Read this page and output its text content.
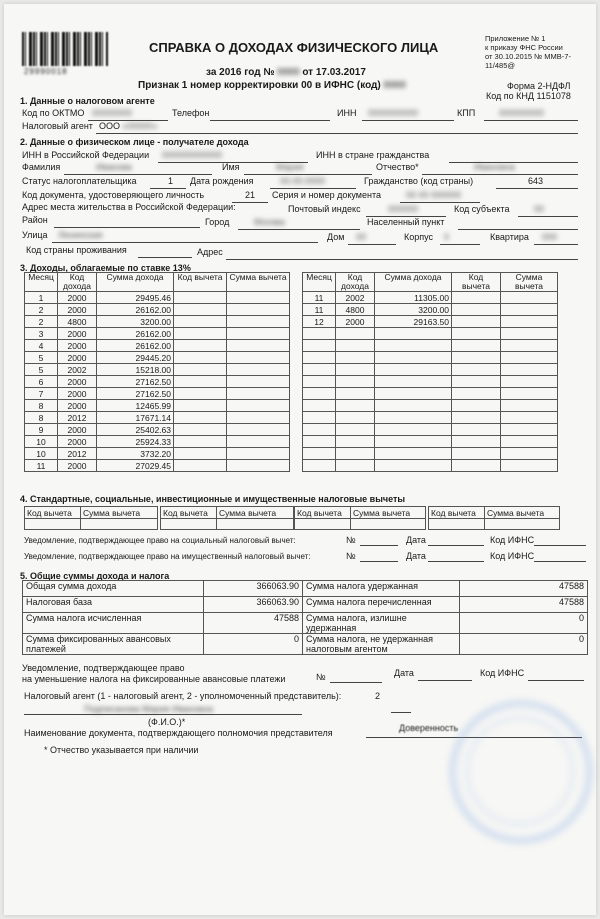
29990018
СПРАВКА О ДОХОДАХ ФИЗИЧЕСКОГО ЛИЦА
за 2016 год № 0000 от 17.03.2017
Признак 1 номер корректировки 00 в ИФНС (код) 0000
Приложение № 1
к приказу ФНС России
от 30.10.2015 № ММВ-7-
11/485@
Форма 2-НДФЛ
Код по КНД 1151078
1. Данные о налоговом агенте
Код по ОКТМО 00000000	Телефон	ИНН 0000000000	КПП	000000000
Налоговый агент ООО «00000»
2. Данные о физическом лице - получателе дохода
ИНН в Российской Федерации 000000000000	ИНН в стране гражданства
Фамилия	Иванова	Имя	Мария	Отчество*	Ивановна
Статус налогоплательщика	1 Дата рождения	00.00.0000	Гражданство (код страны)	643
Код документа, удостоверяющего личность	21 Серия и номер документа	00 00 000000
Адрес места жительства в Российской Федерации:	Почтовый индекс	000000	Код субъекта	00
Район	Город	Москва	Населенный пункт
Улица Ленинская	Дом 00	Корпус 0	Квартира 000
Код страны проживания	Адрес
3. Доходы, облагаемые по ставке 13%
Месяц	Код дохода	Сумма дохода	Код вычета	Сумма вычета
1	2000	29495.46		
2	2000	26162.00		
2	4800	3200.00		
3	2000	26162.00		
4	2000	26162.00		
5	2000	29445.20		
5	2002	15218.00		
6	2000	27162.50		
7	2000	27162.50		
8	2000	12465.99		
8	2012	17671.14		
9	2000	25402.63		
10	2000	25924.33		
10	2012	3732.20		
11	2000	27029.45		
Месяц	Код дохода	Сумма дохода	Код вычета	Сумма вычета
11	2002	11305.00		
11	4800	3200.00		
12	2000	29163.50		

4. Стандартные, социальные, инвестиционные и имущественные налоговые вычеты
Код вычета Сумма вычета	Код вычета Сумма вычета Код вычета Сумма вычета Код вычета Сумма вычета
Уведомление, подтверждающее право на социальный налоговый вычет:	№	Дата	Код ИФНС
Уведомление, подтверждающее право на имущественный налоговый вычет:	№	Дата	Код ИФНС
5. Общие суммы дохода и налога
Общая сумма дохода	366063.90	Сумма налога удержанная	47588
Налоговая база	366063.90	Сумма налога перечисленная	47588
Сумма налога исчисленная	47588	Сумма налога, излишне удержанная	0
Сумма фиксированных авансовых платежей	0	Сумма налога, не удержанная налоговым агентом	0
Уведомление, подтверждающее право
на уменьшение налога на фиксированные авансовые платежи	№	Дата	Код ИФНС
Налоговый агент (1 - налоговый агент, 2 - уполномоченный представитель):	2
Подписанова Мария Ивановна
(Ф.И.О.)*
Наименование документа, подтверждающего полномочия представителя	Доверенность
* Отчество указывается при наличии
